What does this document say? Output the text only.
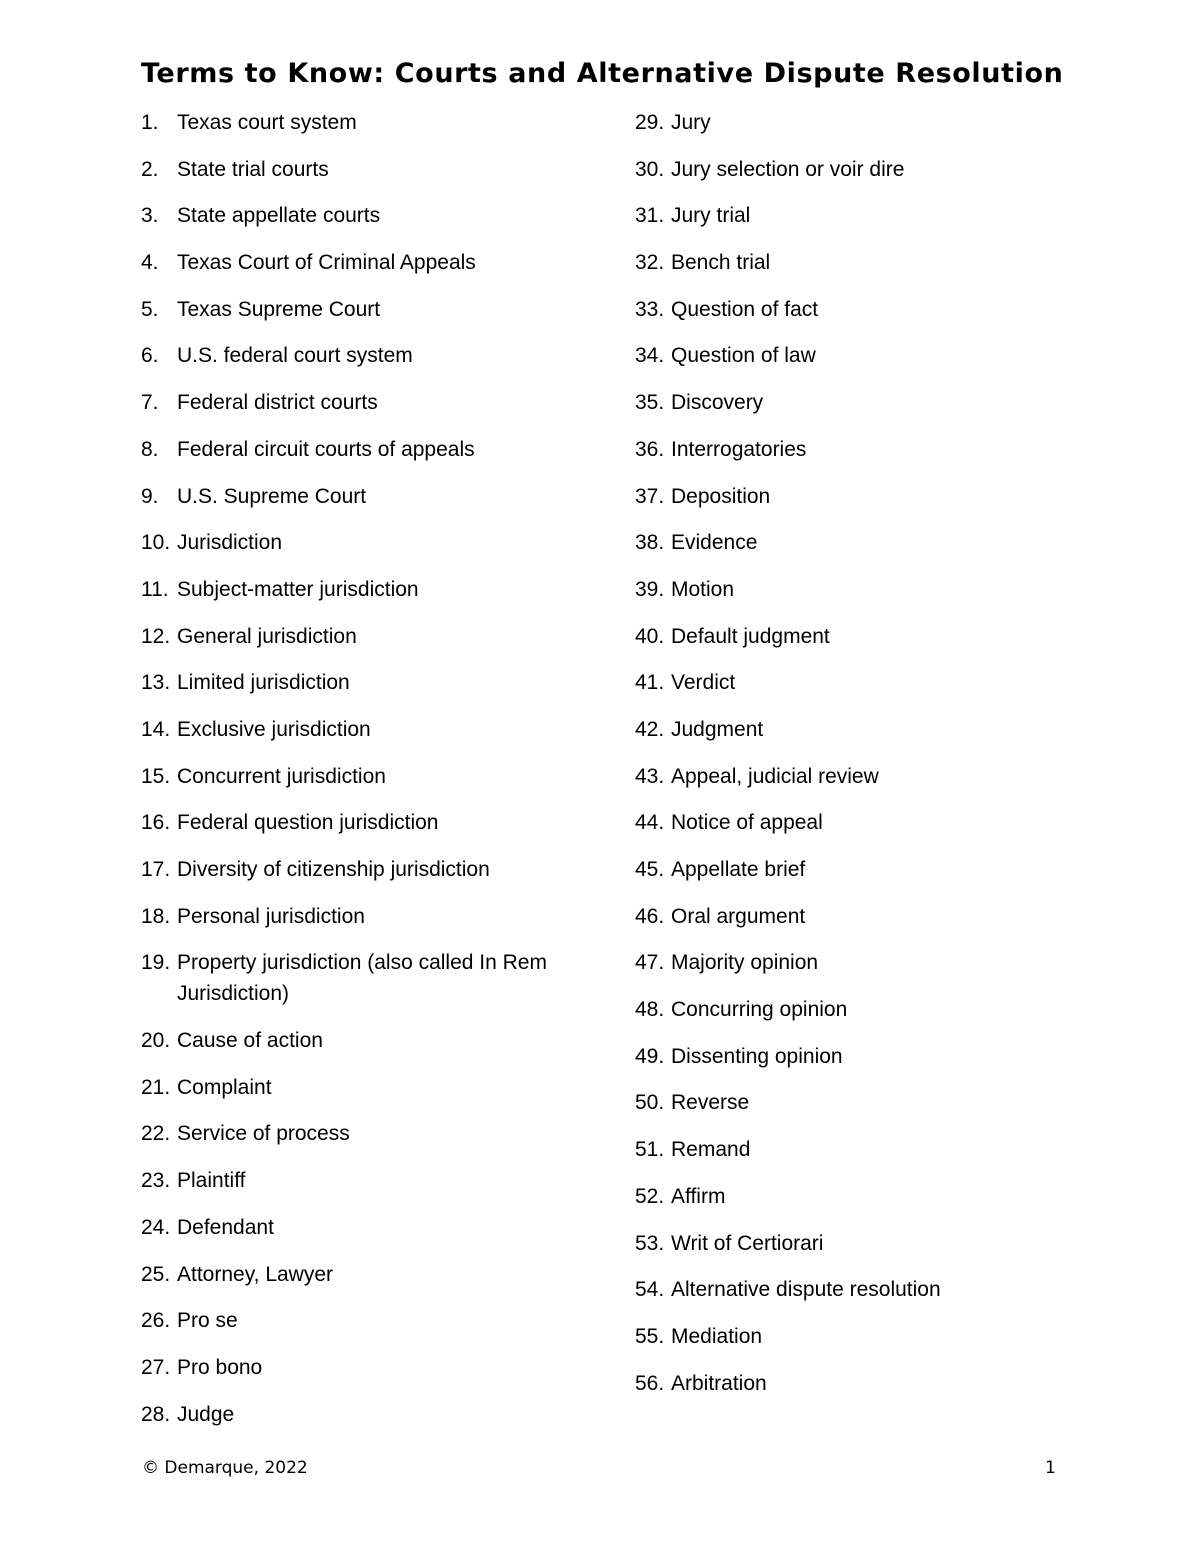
Terms to Know: Courts and Alternative Dispute Resolution
1. Texas court system
2. State trial courts
3. State appellate courts
4. Texas Court of Criminal Appeals
5. Texas Supreme Court
6. U.S. federal court system
7. Federal district courts
8. Federal circuit courts of appeals
9. U.S. Supreme Court
10. Jurisdiction
11. Subject-matter jurisdiction
12. General jurisdiction
13. Limited jurisdiction
14. Exclusive jurisdiction
15. Concurrent jurisdiction
16. Federal question jurisdiction
17. Diversity of citizenship jurisdiction
18. Personal jurisdiction
19. Property jurisdiction (also called In Rem Jurisdiction)
20. Cause of action
21. Complaint
22. Service of process
23. Plaintiff
24. Defendant
25. Attorney, Lawyer
26. Pro se
27. Pro bono
28. Judge
29. Jury
30. Jury selection or voir dire
31. Jury trial
32. Bench trial
33. Question of fact
34. Question of law
35. Discovery
36. Interrogatories
37. Deposition
38. Evidence
39. Motion
40. Default judgment
41. Verdict
42. Judgment
43. Appeal, judicial review
44. Notice of appeal
45. Appellate brief
46. Oral argument
47. Majority opinion
48. Concurring opinion
49. Dissenting opinion
50. Reverse
51. Remand
52. Affirm
53. Writ of Certiorari
54. Alternative dispute resolution
55. Mediation
56. Arbitration
© Demarque, 2022	1
